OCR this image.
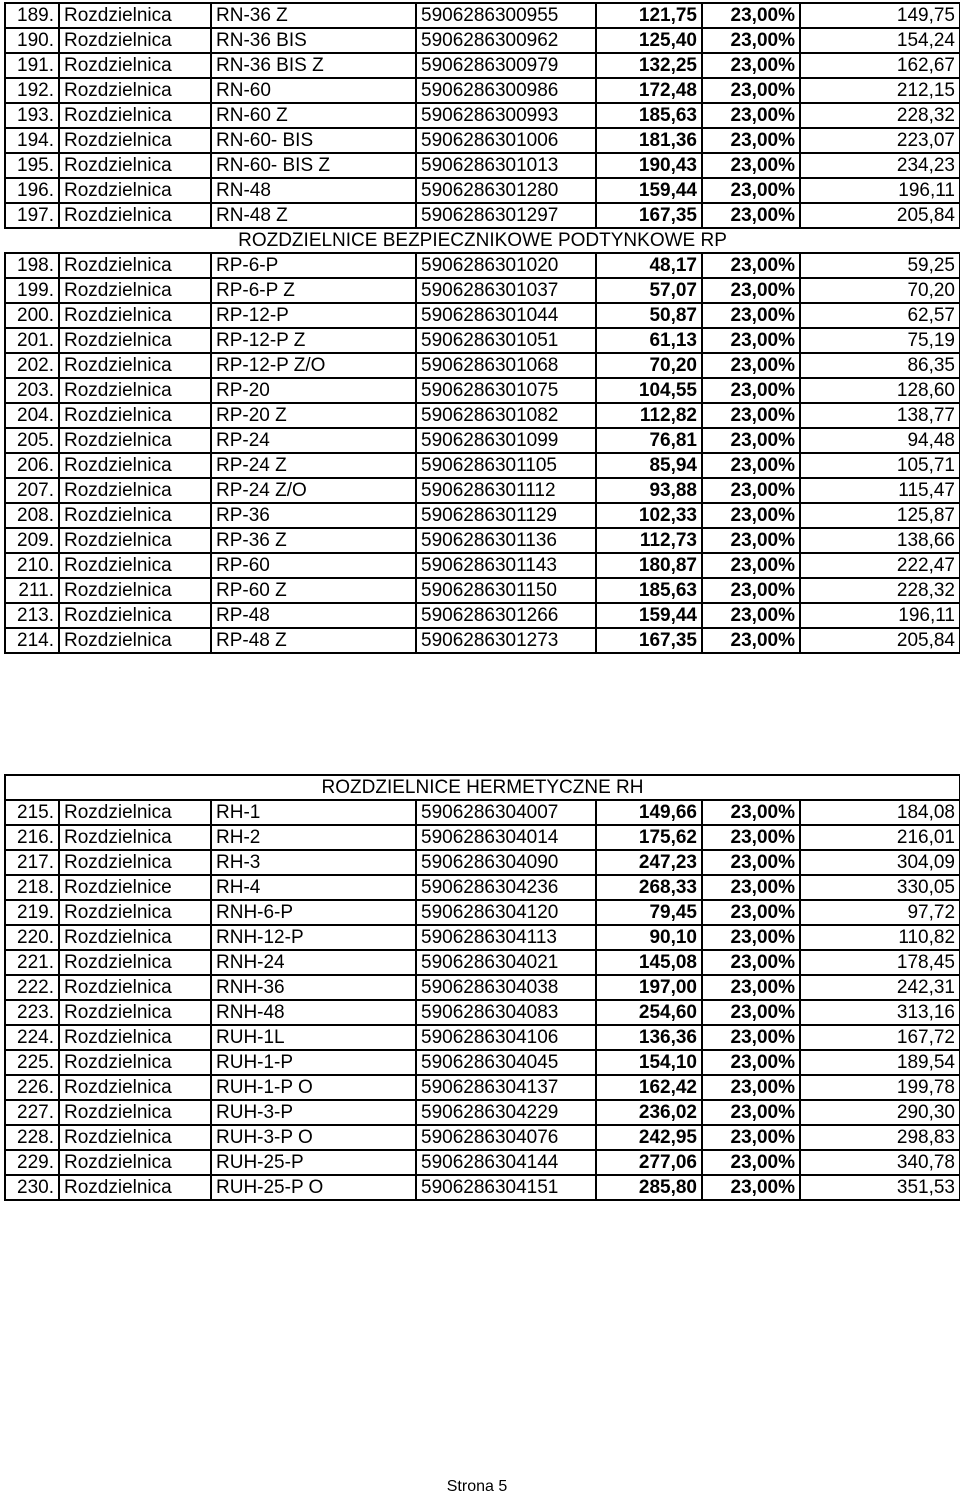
189.	Rozdzielnica	RN-36 Z	5906286300955	121,75	23,00%	149,75
190.	Rozdzielnica	RN-36 BIS	5906286300962	125,40	23,00%	154,24
191.	Rozdzielnica	RN-36 BIS Z	5906286300979	132,25	23,00%	162,67
192.	Rozdzielnica	RN-60	5906286300986	172,48	23,00%	212,15
193.	Rozdzielnica	RN-60 Z	5906286300993	185,63	23,00%	228,32
194.	Rozdzielnica	RN-60- BIS	5906286301006	181,36	23,00%	223,07
195.	Rozdzielnica	RN-60- BIS Z	5906286301013	190,43	23,00%	234,23
196.	Rozdzielnica	RN-48	5906286301280	159,44	23,00%	196,11
197.	Rozdzielnica	RN-48 Z	5906286301297	167,35	23,00%	205,84
ROZDZIELNICE BEZPIECZNIKOWE PODTYNKOWE RP						
198.	Rozdzielnica	RP-6-P	5906286301020	48,17	23,00%	59,25
199.	Rozdzielnica	RP-6-P Z	5906286301037	57,07	23,00%	70,20
200.	Rozdzielnica	RP-12-P	5906286301044	50,87	23,00%	62,57
201.	Rozdzielnica	RP-12-P Z	5906286301051	61,13	23,00%	75,19
202.	Rozdzielnica	RP-12-P Z/O	5906286301068	70,20	23,00%	86,35
203.	Rozdzielnica	RP-20	5906286301075	104,55	23,00%	128,60
204.	Rozdzielnica	RP-20 Z	5906286301082	112,82	23,00%	138,77
205.	Rozdzielnica	RP-24	5906286301099	76,81	23,00%	94,48
206.	Rozdzielnica	RP-24 Z	5906286301105	85,94	23,00%	105,71
207.	Rozdzielnica	RP-24 Z/O	5906286301112	93,88	23,00%	115,47
208.	Rozdzielnica	RP-36	5906286301129	102,33	23,00%	125,87
209.	Rozdzielnica	RP-36 Z	5906286301136	112,73	23,00%	138,66
210.	Rozdzielnica	RP-60	5906286301143	180,87	23,00%	222,47
211.	Rozdzielnica	RP-60 Z	5906286301150	185,63	23,00%	228,32
213.	Rozdzielnica	RP-48	5906286301266	159,44	23,00%	196,11
214.	Rozdzielnica	RP-48 Z	5906286301273	167,35	23,00%	205,84
ROZDZIELNICE HERMETYCZNE RH						
215.	Rozdzielnica	RH-1	5906286304007	149,66	23,00%	184,08
216.	Rozdzielnica	RH-2	5906286304014	175,62	23,00%	216,01
217.	Rozdzielnica	RH-3	5906286304090	247,23	23,00%	304,09
218.	Rozdzielnice	RH-4	5906286304236	268,33	23,00%	330,05
219.	Rozdzielnica	RNH-6-P	5906286304120	79,45	23,00%	97,72
220.	Rozdzielnica	RNH-12-P	5906286304113	90,10	23,00%	110,82
221.	Rozdzielnica	RNH-24	5906286304021	145,08	23,00%	178,45
222.	Rozdzielnica	RNH-36	5906286304038	197,00	23,00%	242,31
223.	Rozdzielnica	RNH-48	5906286304083	254,60	23,00%	313,16
224.	Rozdzielnica	RUH-1L	5906286304106	136,36	23,00%	167,72
225.	Rozdzielnica	RUH-1-P	5906286304045	154,10	23,00%	189,54
226.	Rozdzielnica	RUH-1-P O	5906286304137	162,42	23,00%	199,78
227.	Rozdzielnica	RUH-3-P	5906286304229	236,02	23,00%	290,30
228.	Rozdzielnica	RUH-3-P O	5906286304076	242,95	23,00%	298,83
229.	Rozdzielnica	RUH-25-P	5906286304144	277,06	23,00%	340,78
230.	Rozdzielnica	RUH-25-P O	5906286304151	285,80	23,00%	351,53
Strona 5
